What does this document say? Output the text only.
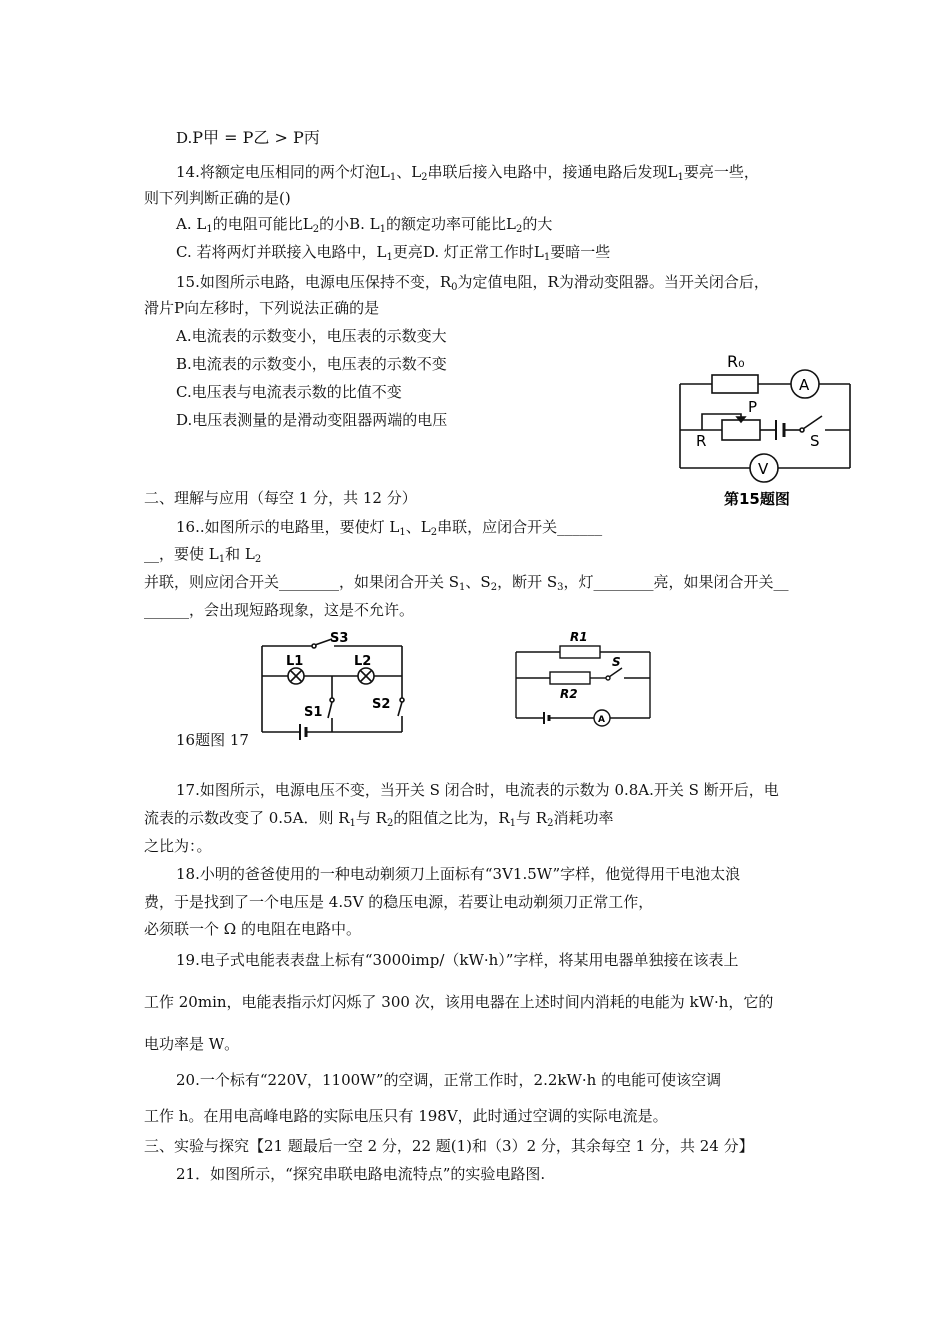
D.P甲 = P乙 > P丙
14.将额定电压相同的两个灯泡$L_1$、$L_2$串联后接入电路中，接通电路后发现$L_1$要亮一些，
则下列判断正确的是()
A. $L_1$的电阻可能比$L_2$的小B. $L_1$的额定功率可能比$L_2$的大
C. 若将两灯并联接入电路中，$L_1$更亮D. 灯正常工作时$L_1$要暗一些
15.如图所示电路，电源电压保持不变，$R_0$为定值电阻，R为滑动变阻器。当开关闭合后，
滑片P向左移时，下列说法正确的是
A.电流表的示数变小，电压表的示数变大
B.电流表的示数变小，电压表的示数不变
C.电压表与电流表示数的比值不变
D.电压表测量的是滑动变阻器两端的电压
R₀
A
P
R	S
V
第15题图
二、理解与应用（每空 1 分，共 12 分）
16..如图所示的电路里，要使灯 $L_1$、$L_2$串联，应闭合开关______
__，要使 $L_1$和 $L_2$
并联，则应闭合开关________，如果闭合开关 $S_1$、$S_2$，断开 $S_3$，灯________亮，如果闭合开关__
______，会出现短路现象，这是不允许。
S3
L1	L2
S1
S2
R1
S
R2
A
16题图 17
17.如图所示，电源电压不变，当开关 S 闭合时，电流表的示数为 0.8A.开关 S 断开后，电
流表的示数改变了 0.5A．则 $R_1$与 $R_2$的阻值之比为，$R_1$与 $R_2$消耗功率
之比为：。
18.小明的爸爸使用的一种电动剃须刀上面标有“3V1.5W”字样，他觉得用干电池太浪
费，于是找到了一个电压是 4.5V 的稳压电源，若要让电动剃须刀正常工作，
必须联一个 Ω 的电阻在电路中。
19.电子式电能表表盘上标有“3000imp/（kW·h）”字样，将某用电器单独接在该表上
工作 20min，电能表指示灯闪烁了 300 次，该用电器在上述时间内消耗的电能为 kW·h，它的
电功率是 W。
20.一个标有“220V，1100W”的空调，正常工作时，2.2kW·h 的电能可使该空调
工作 h。在用电高峰电路的实际电压只有 198V，此时通过空调的实际电流是。
三、实验与探究【21 题最后一空 2 分，22 题(1)和（3）2 分，其余每空 1 分，共 24 分】
21．如图所示，“探究串联电路电流特点”的实验电路图.
